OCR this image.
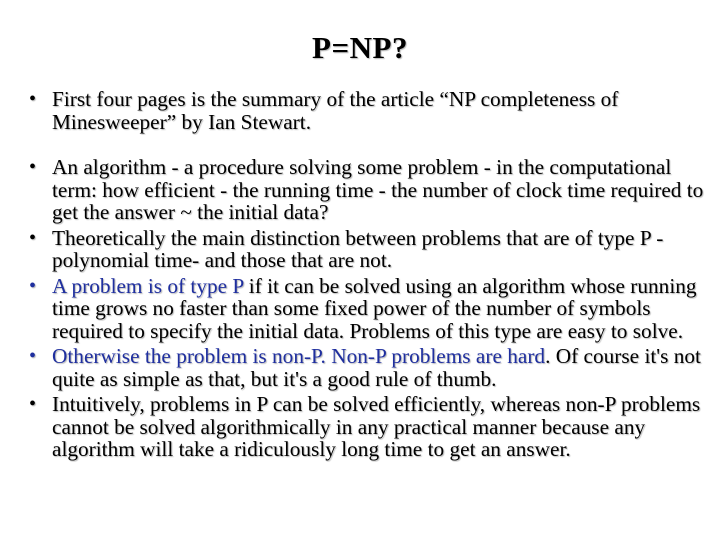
P=NP?
• First four pages is the summary of the article “NP completeness of Minesweeper” by Ian Stewart.
• An algorithm - a procedure solving some problem - in the computational term: how efficient - the running time - the number of clock time required to get the answer ~ the initial data?
• Theoretically the main distinction between problems that are of type P - polynomial time- and those that are not.
• A problem is of type P if it can be solved using an algorithm whose running time grows no faster than some fixed power of the number of symbols required to specify the initial data. Problems of this type are easy to solve.
• Otherwise the problem is non-P. Non-P problems are hard. Of course it's not quite as simple as that, but it's a good rule of thumb.
• Intuitively, problems in P can be solved efficiently, whereas non-P problems cannot be solved algorithmically in any practical manner because any algorithm will take a ridiculously long time to get an answer.
